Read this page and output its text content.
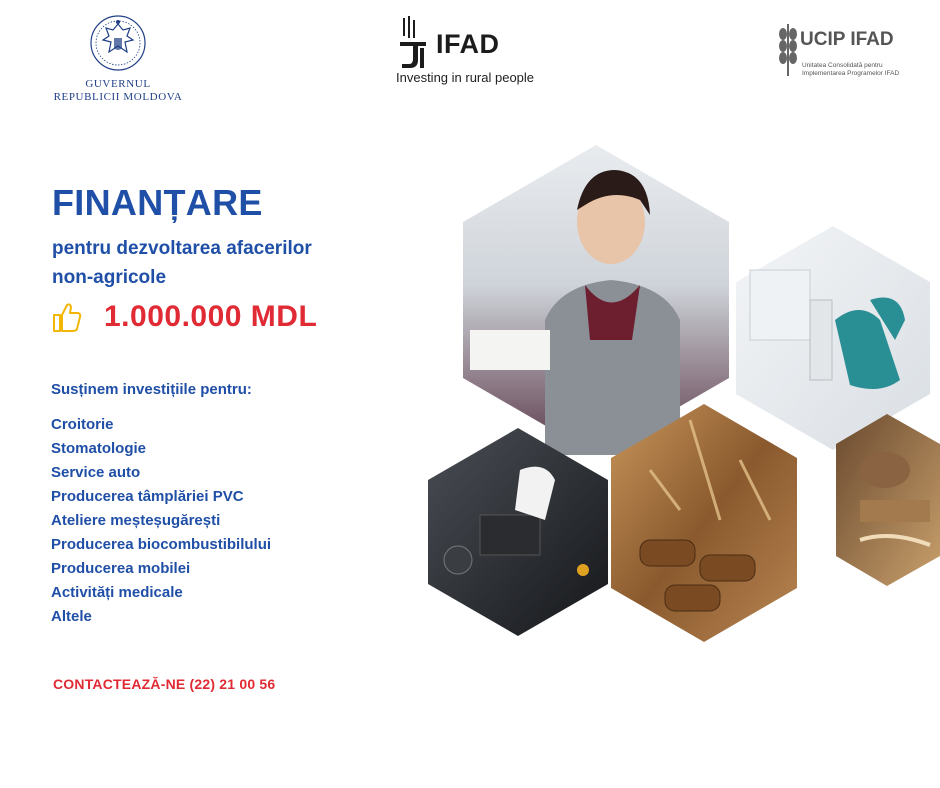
GUVERNUL
REPUBLICII MOLDOVA
IFAD
Investing in rural people
UCIP IFAD
Unitatea Consolidată pentru
Implementarea Programelor IFAD
FINANȚARE
pentru dezvoltarea afacerilor
non-agricole
1.000.000 MDL
Susținem investițiile pentru:
Croitorie
Stomatologie
Service auto
Producerea tâmplăriei PVC
Ateliere meșteșugărești
Producerea biocombustibilului
Producerea mobilei
Activități medicale
Altele
CONTACTEAZĂ-NE (22) 21 00 56
